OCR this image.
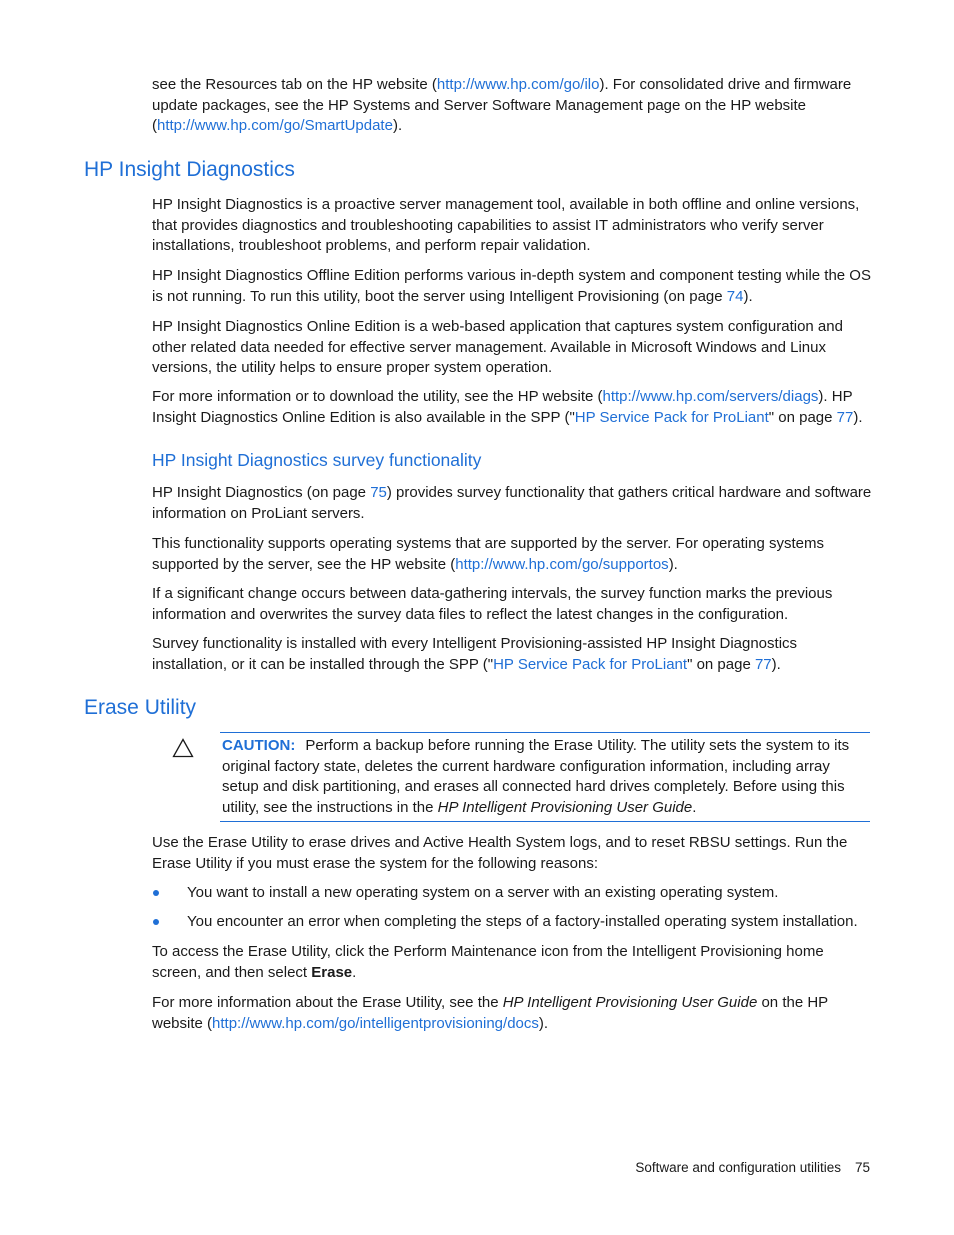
see the Resources tab on the HP website (http://www.hp.com/go/ilo). For consolidated drive and firmware update packages, see the HP Systems and Server Software Management page on the HP website (http://www.hp.com/go/SmartUpdate).

HP Insight Diagnostics

HP Insight Diagnostics is a proactive server management tool, available in both offline and online versions, that provides diagnostics and troubleshooting capabilities to assist IT administrators who verify server installations, troubleshoot problems, and perform repair validation.

HP Insight Diagnostics Offline Edition performs various in-depth system and component testing while the OS is not running. To run this utility, boot the server using Intelligent Provisioning (on page 74).

HP Insight Diagnostics Online Edition is a web-based application that captures system configuration and other related data needed for effective server management. Available in Microsoft Windows and Linux versions, the utility helps to ensure proper system operation.

For more information or to download the utility, see the HP website (http://www.hp.com/servers/diags). HP Insight Diagnostics Online Edition is also available in the SPP ("HP Service Pack for ProLiant" on page 77).

HP Insight Diagnostics survey functionality

HP Insight Diagnostics (on page 75) provides survey functionality that gathers critical hardware and software information on ProLiant servers.

This functionality supports operating systems that are supported by the server. For operating systems supported by the server, see the HP website (http://www.hp.com/go/supportos).

If a significant change occurs between data-gathering intervals, the survey function marks the previous information and overwrites the survey data files to reflect the latest changes in the configuration.

Survey functionality is installed with every Intelligent Provisioning-assisted HP Insight Diagnostics installation, or it can be installed through the SPP ("HP Service Pack for ProLiant" on page 77).

Erase Utility

CAUTION: Perform a backup before running the Erase Utility. The utility sets the system to its original factory state, deletes the current hardware configuration information, including array setup and disk partitioning, and erases all connected hard drives completely. Before using this utility, see the instructions in the HP Intelligent Provisioning User Guide.

Use the Erase Utility to erase drives and Active Health System logs, and to reset RBSU settings. Run the Erase Utility if you must erase the system for the following reasons:

You want to install a new operating system on a server with an existing operating system.

You encounter an error when completing the steps of a factory-installed operating system installation.

To access the Erase Utility, click the Perform Maintenance icon from the Intelligent Provisioning home screen, and then select Erase.

For more information about the Erase Utility, see the HP Intelligent Provisioning User Guide on the HP website (http://www.hp.com/go/intelligentprovisioning/docs).

Software and configuration utilities 75
